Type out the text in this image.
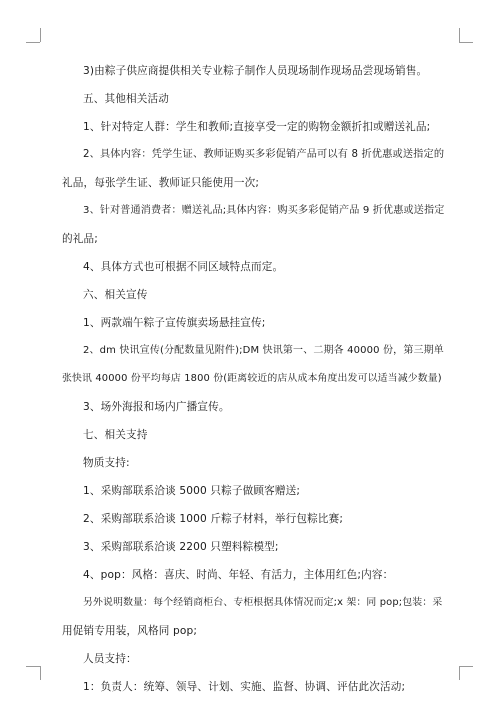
3)由粽子供应商提供相关专业粽子制作人员现场制作现场品尝现场销售。
五、其他相关活动
1、针对特定人群：学生和教师;直接享受一定的购物金额折扣或赠送礼品;
2、具体内容：凭学生证、教师证购买多彩促销产品可以有 8 折优惠或送指定的
礼品，每张学生证、教师证只能使用一次;
3、针对普通消费者：赠送礼品;具体内容：购买多彩促销产品 9 折优惠或送指定
的礼品;
4、具体方式也可根据不同区域特点而定。
六、相关宣传
1、两款端午粽子宣传旗卖场悬挂宣传;
2、dm 快讯宣传(分配数量见附件);DM 快讯第一、二期各 40000 份，第三期单
张快讯 40000 份平均每店 1800 份(距离较近的店从成本角度出发可以适当减少数量)
3、场外海报和场内广播宣传。
七、相关支持
物质支持:
1、采购部联系洽谈 5000 只粽子做顾客赠送;
2、采购部联系洽谈 1000 斤粽子材料，举行包粽比赛;
3、采购部联系洽谈 2200 只塑料粽模型;
4、pop：风格：喜庆、时尚、年轻、有活力，主体用红色;内容：
另外说明数量：每个经销商柜台、专柜根据具体情况而定;x 架：同 pop;包装：采
用促销专用装，风格同 pop;
人员支持：
1：负责人：统筹、领导、计划、实施、监督、协调、评估此次活动;
